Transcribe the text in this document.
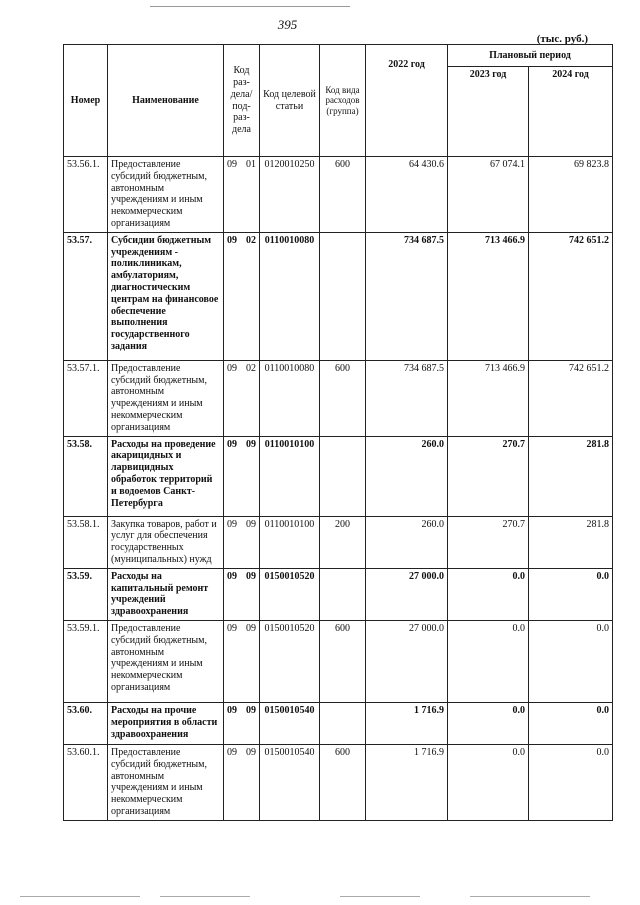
395
(тыс. руб.)
Номер	Наименование	Код раз- дела/ под- раз- дела	Код целевой статьи	Код вида расходов (группа)	2022 год	Плановый период	
						2023 год	2024 год
53.56.1.	Предоставление субсидий бюджетным, автономным учреждениям и иным некоммерческим организациям	09 01	0120010250	600	64 430.6	67 074.1	69 823.8
53.57.	Субсидии бюджетным учреждениям - поликлиникам, амбулаториям, диагностическим центрам на финансовое обеспечение выполнения государственного задания	09 02	0110010080		734 687.5	713 466.9	742 651.2
53.57.1.	Предоставление субсидий бюджетным, автономным учреждениям и иным некоммерческим организациям	09 02	0110010080	600	734 687.5	713 466.9	742 651.2
53.58.	Расходы на проведение акарицидных и ларвицидных обработок территорий и водоемов Санкт-Петербурга	09 09	0110010100		260.0	270.7	281.8
53.58.1.	Закупка товаров, работ и услуг для обеспечения государственных (муниципальных) нужд	09 09	0110010100	200	260.0	270.7	281.8
53.59.	Расходы на капитальный ремонт учреждений здравоохранения	09 09	0150010520		27 000.0	0.0	0.0
53.59.1.	Предоставление субсидий бюджетным, автономным учреждениям и иным некоммерческим организациям	09 09	0150010520	600	27 000.0	0.0	0.0
53.60.	Расходы на прочие мероприятия в области здравоохранения	09 09	0150010540		1 716.9	0.0	0.0
53.60.1.	Предоставление субсидий бюджетным, автономным учреждениям и иным некоммерческим организациям	09 09	0150010540	600	1 716.9	0.0	0.0
